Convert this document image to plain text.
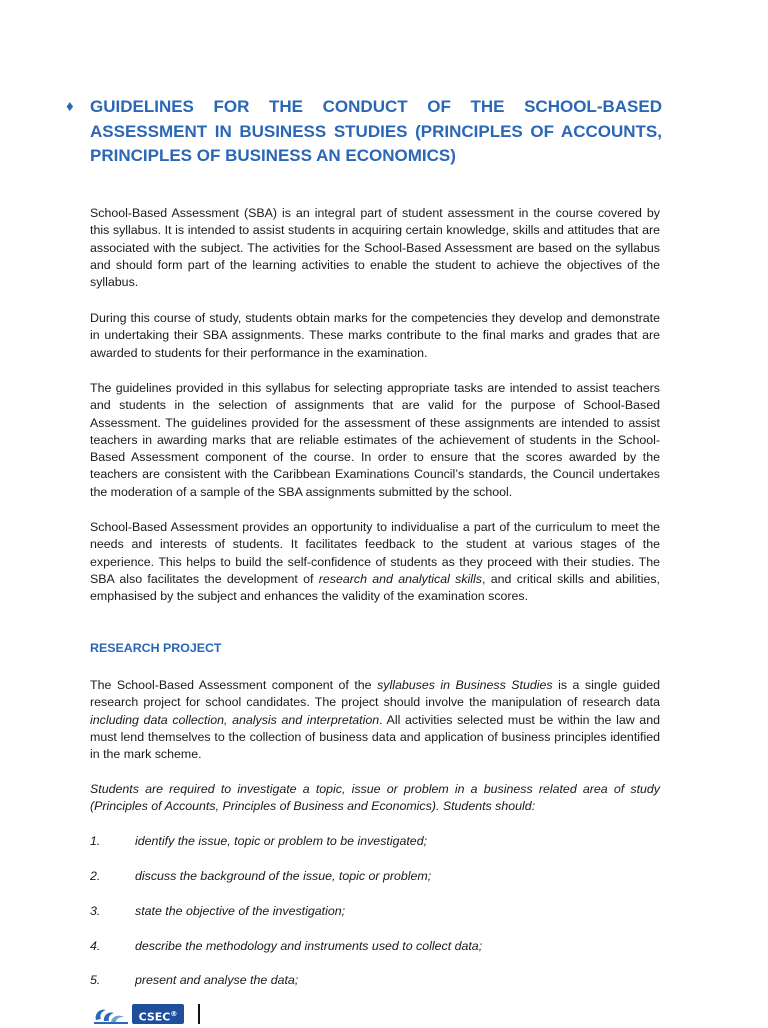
♦ GUIDELINES FOR THE CONDUCT OF THE SCHOOL-BASED ASSESSMENT IN BUSINESS STUDIES (PRINCIPLES OF ACCOUNTS, PRINCIPLES OF BUSINESS AN ECONOMICS)

School-Based Assessment (SBA) is an integral part of student assessment in the course covered by this syllabus. It is intended to assist students in acquiring certain knowledge, skills and attitudes that are associated with the subject. The activities for the School-Based Assessment are based on the syllabus and should form part of the learning activities to enable the student to achieve the objectives of the syllabus.

During this course of study, students obtain marks for the competencies they develop and demonstrate in undertaking their SBA assignments. These marks contribute to the final marks and grades that are awarded to students for their performance in the examination.

The guidelines provided in this syllabus for selecting appropriate tasks are intended to assist teachers and students in the selection of assignments that are valid for the purpose of School-Based Assessment. The guidelines provided for the assessment of these assignments are intended to assist teachers in awarding marks that are reliable estimates of the achievement of students in the School-Based Assessment component of the course. In order to ensure that the scores awarded by the teachers are consistent with the Caribbean Examinations Council’s standards, the Council undertakes the moderation of a sample of the SBA assignments submitted by the school.

School-Based Assessment provides an opportunity to individualise a part of the curriculum to meet the needs and interests of students. It facilitates feedback to the student at various stages of the experience. This helps to build the self-confidence of students as they proceed with their studies. The SBA also facilitates the development of research and analytical skills, and critical skills and abilities, emphasised by the subject and enhances the validity of the examination scores.

RESEARCH PROJECT

The School-Based Assessment component of the syllabuses in Business Studies is a single guided research project for school candidates. The project should involve the manipulation of research data including data collection, analysis and interpretation. All activities selected must be within the law and must lend themselves to the collection of business data and application of business principles identified in the mark scheme.

Students are required to investigate a topic, issue or problem in a business related area of study (Principles of Accounts, Principles of Business and Economics). Students should:

1.	identify the issue, topic or problem to be investigated;
2.	discuss the background of the issue, topic or problem;
3.	state the objective of the investigation;
4.	describe the methodology and instruments used to collect data;
5.	present and analyse the data;
CSEC®
